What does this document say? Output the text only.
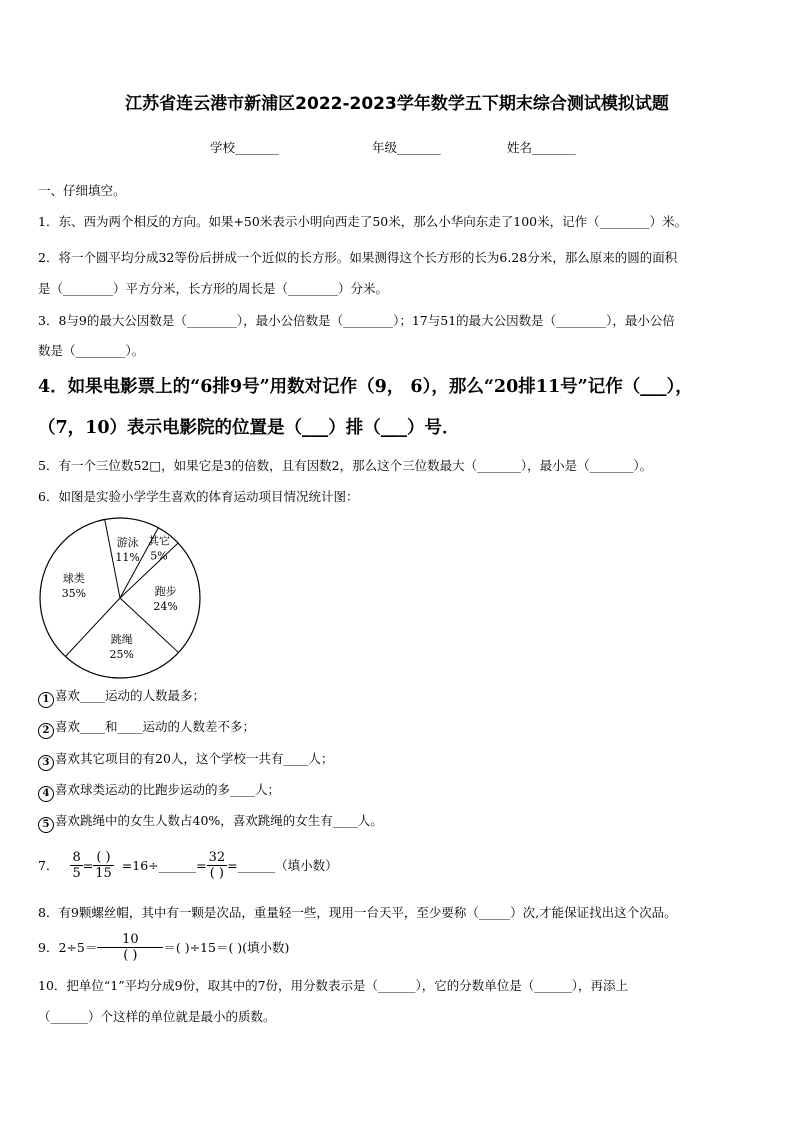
江苏省连云港市新浦区2022-2023学年数学五下期末综合测试模拟试题
学校_______	年级_______	姓名_______
一、仔细填空。
1．东、西为两个相反的方向。如果+50米表示小明向西走了50米，那么小华向东走了100米，记作（________）米。
2．将一个圆平均分成32等份后拼成一个近似的长方形。如果测得这个长方形的长为6.28分米，那么原来的圆的面积
是（________）平方分米，长方形的周长是（________）分米。
3．8与9的最大公因数是（________），最小公倍数是（________）；17与51的最大公因数是（________），最小公倍
数是（________）。
4．如果电影票上的“6排9号”用数对记作（9， 6），那么“20排11号”记作（___），
（7，10）表示电影院的位置是（___）排（___）号．
5．有一个三位数52□，如果它是3的倍数，且有因数2，那么这个三位数最大（_______），最小是（_______）。
6．如图是实验小学学生喜欢的体育运动项目情况统计图：
游泳
11%
其它
5%
跑步
24%
跳绳
25%
球类
35%
1 喜欢____运动的人数最多；
2 喜欢____和____运动的人数差不多；
3 喜欢其它项目的有20人，这个学校一共有____人；
4 喜欢球类运动的比跑步运动的多____人；
5 喜欢跳绳中的女生人数占40%，喜欢跳绳的女生有____人。
7． $\frac{8}{5} = \frac{( )}{15}$ =16÷______= $\frac{32}{( )}$ =______（填小数）
8．有9颗螺丝帽，其中有一颗是次品，重量轻一些，现用一台天平，至少要称（_____）次,才能保证找出这个次品。
9．$2\div 5= \frac{10}{( )}$ ＝( )÷15＝( )(填小数)
10．把单位“1”平均分成9份，取其中的7份，用分数表示是（______），它的分数单位是（______），再添上
（______）个这样的单位就是最小的质数。
